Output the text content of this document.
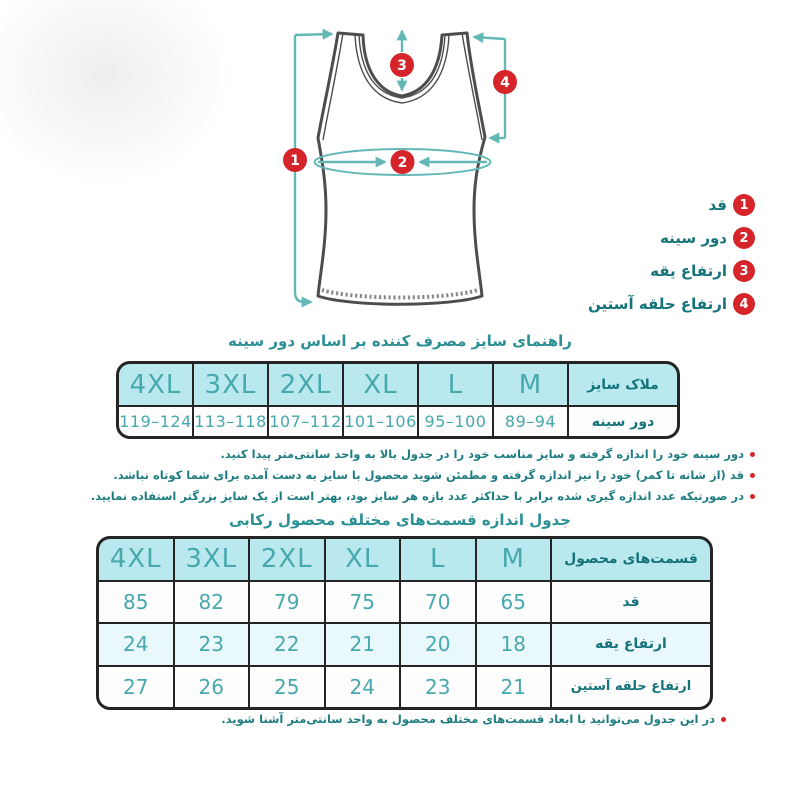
1	2
3
4
1
قد
2
دور سینه
3
ارتفاع یقه
4
ارتفاع حلقه آستین
راهنمای سایز مصرف کننده بر اساس دور سینه
4XL 3XL 2XL	XL	L	M	ملاک سایز
119–124 113–118 107–112 101–106 95–100	89–94	دور سینه
دور سینه خود را اندازه گرفته و سایز مناسب خود را در جدول بالا به واحد سانتی‌متر پیدا کنید.
قد (از شانه تا کمر) خود را نیز اندازه گرفته و مطمئن شوید محصول با سایز به دست آمده برای شما کوتاه نباشد.
در صورتیکه عدد اندازه گیری شده برابر با حداکثر عدد بازه هر سایز بود، بهتر است از یک سایز بزرگتر استفاده نمایید.
جدول اندازه قسمت‌های مختلف محصول رکابی
4XL 3XL 2XL	XL	L	M	قسمت‌های محصول
85	82	79	75	70	65	قد
24	23	22	21	20	18	ارتفاع یقه
27	26	25	24	23	21	ارتفاع حلقه آستین
در این جدول می‌توانید با ابعاد قسمت‌های مختلف محصول به واحد سانتی‌متر آشنا شوید.
